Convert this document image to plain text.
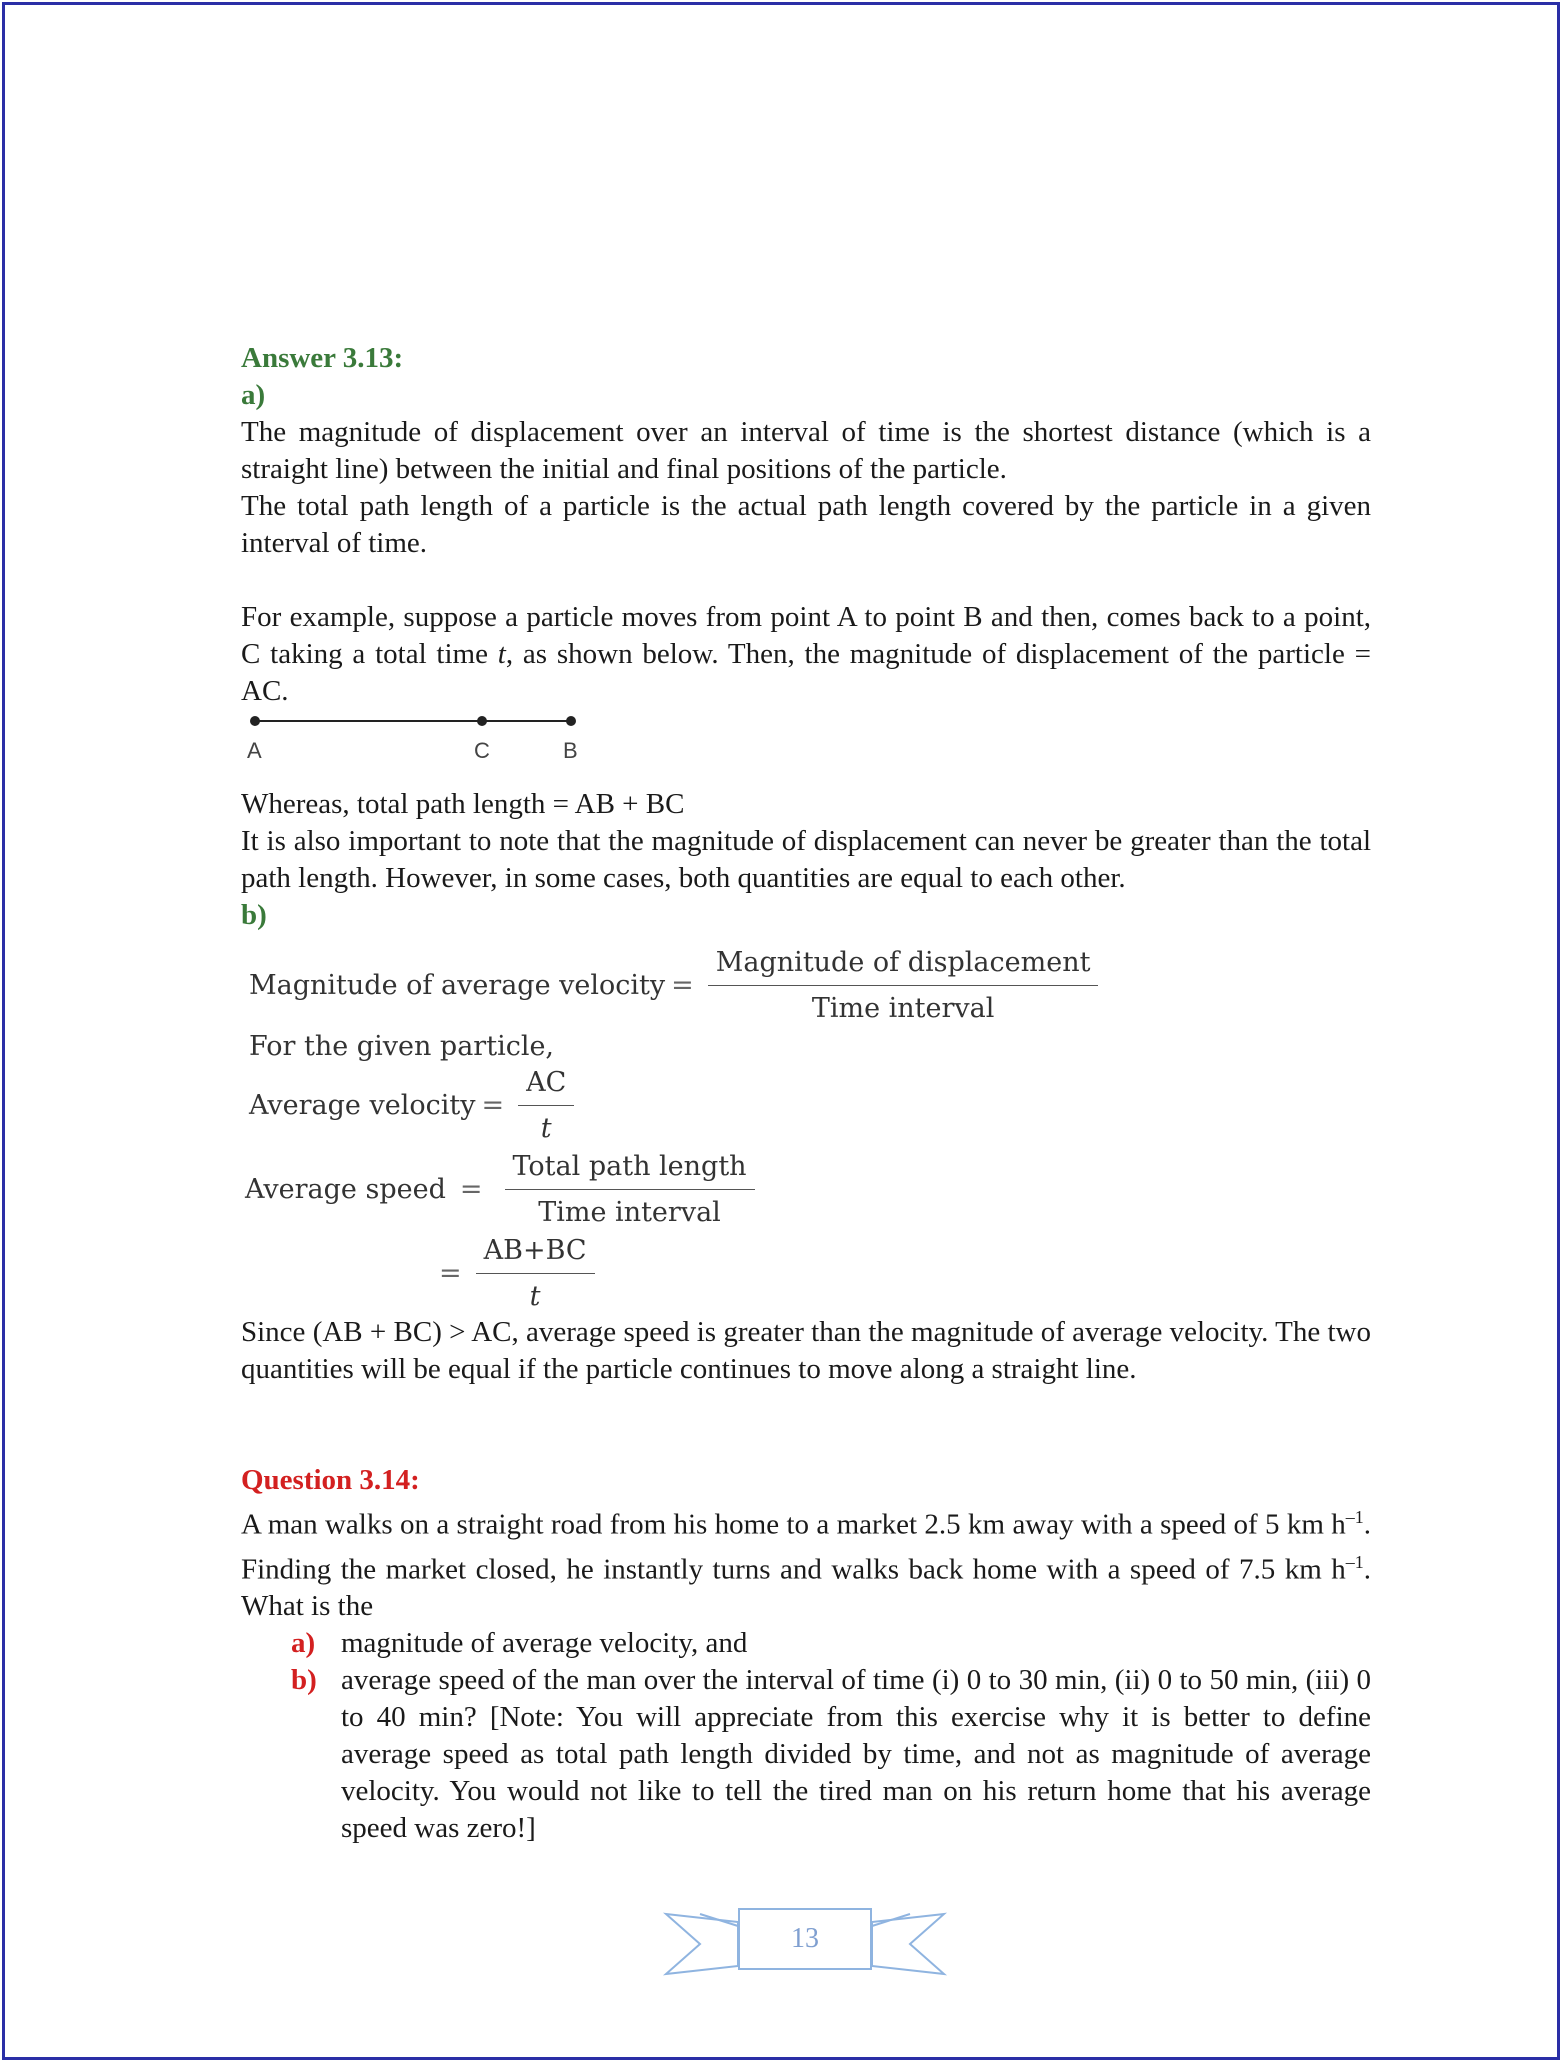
Answer 3.13:

a)

The magnitude of displacement over an interval of time is the shortest distance (which is a straight line) between the initial and final positions of the particle.

The total path length of a particle is the actual path length covered by the particle in a given interval of time.

For example, suppose a particle moves from point A to point B and then, comes back to a point, C taking a total time t, as shown below. Then, the magnitude of displacement of the particle = AC.

A	C	B

Whereas, total path length = AB + BC

It is also important to note that the magnitude of displacement can never be greater than the total path length. However, in some cases, both quantities are equal to each other.

b)

Magnitude of average velocity = $\frac{\text{Magnitude of displacement}}{\text{Time interval}}$
For the given particle,
Average velocity = $\frac{AC}{t}$
Average speed = $\frac{\text{Total path length}}{\text{Time interval}}$
= $\frac{AB+BC}{t}$

Since (AB + BC) > AC, average speed is greater than the magnitude of average velocity. The two quantities will be equal if the particle continues to move along a straight line.

Question 3.14:

A man walks on a straight road from his home to a market 2.5 km away with a speed of 5 km $h^{-1}$. Finding the market closed, he instantly turns and walks back home with a speed of 7.5 km $h^{-1}$. What is the

a) magnitude of average velocity, and
b) average speed of the man over the interval of time (i) 0 to 30 min, (ii) 0 to 50 min, (iii) 0 to 40 min? [Note: You will appreciate from this exercise why it is better to define average speed as total path length divided by time, and not as magnitude of average velocity. You would not like to tell the tired man on his return home that his average speed was zero!]
13
